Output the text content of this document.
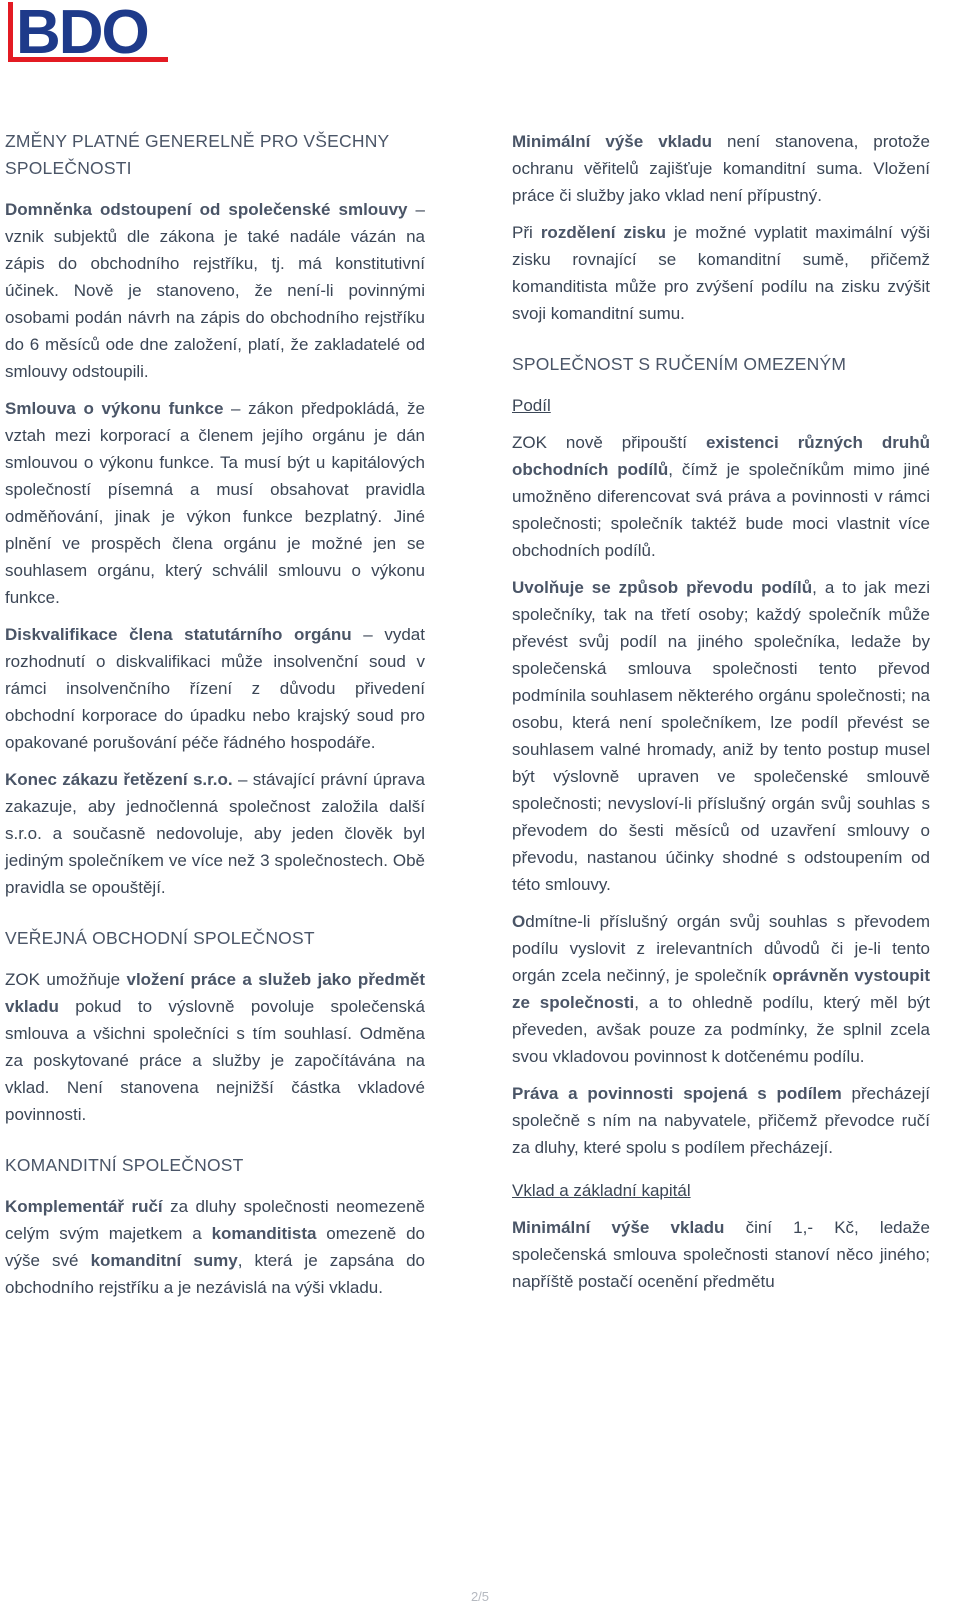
BDO
ZMĚNY PLATNÉ GENERELNĚ PRO VŠECHNY SPOLEČNOSTI
Domněnka odstoupení od společenské smlouvy – vznik subjektů dle zákona je také nadále vázán na zápis do obchodního rejstříku, tj. má konstitutivní účinek. Nově je stanoveno, že není-li povinnými osobami podán návrh na zápis do obchodního rejstříku do 6 měsíců ode dne založení, platí, že zakladatelé od smlouvy odstoupili.
Smlouva o výkonu funkce – zákon předpokládá, že vztah mezi korporací a členem jejího orgánu je dán smlouvou o výkonu funkce. Ta musí být u kapitálových společností písemná a musí obsahovat pravidla odměňování, jinak je výkon funkce bezplatný. Jiné plnění ve prospěch člena orgánu je možné jen se souhlasem orgánu, který schválil smlouvu o výkonu funkce.
Diskvalifikace člena statutárního orgánu – vydat rozhodnutí o diskvalifikaci může insolvenční soud v rámci insolvenčního řízení z důvodu přivedení obchodní korporace do úpadku nebo krajský soud pro opakované porušování péče řádného hospodáře.
Konec zákazu řetězení s.r.o. – stávající právní úprava zakazuje, aby jednočlenná společnost založila další s.r.o. a současně nedovoluje, aby jeden člověk byl jediným společníkem ve více než 3 společnostech. Obě pravidla se opouštějí.
VEŘEJNÁ OBCHODNÍ SPOLEČNOST
ZOK umožňuje vložení práce a služeb jako předmět vkladu pokud to výslovně povoluje společenská smlouva a všichni společníci s tím souhlasí. Odměna za poskytované práce a služby je započítávána na vklad. Není stanovena nejnižší částka vkladové povinnosti.
KOMANDITNÍ SPOLEČNOST
Komplementář ručí za dluhy společnosti neomezeně celým svým majetkem a komanditista omezeně do výše své komanditní sumy, která je zapsána do obchodního rejstříku a je nezávislá na výši vkladu.
Minimální výše vkladu není stanovena, protože ochranu věřitelů zajišťuje komanditní suma. Vložení práce či služby jako vklad není přípustný.
Při rozdělení zisku je možné vyplatit maximální výši zisku rovnající se komanditní sumě, přičemž komanditista může pro zvýšení podílu na zisku zvýšit svoji komanditní sumu.
SPOLEČNOST S RUČENÍM OMEZENÝM
Podíl
ZOK nově připouští existenci různých druhů obchodních podílů, čímž je společníkům mimo jiné umožněno diferencovat svá práva a povinnosti v rámci společnosti; společník taktéž bude moci vlastnit více obchodních podílů.
Uvolňuje se způsob převodu podílů, a to jak mezi společníky, tak na třetí osoby; každý společník může převést svůj podíl na jiného společníka, ledaže by společenská smlouva společnosti tento převod podmínila souhlasem některého orgánu společnosti; na osobu, která není společníkem, lze podíl převést se souhlasem valné hromady, aniž by tento postup musel být výslovně upraven ve společenské smlouvě společnosti; nevysloví-li příslušný orgán svůj souhlas s převodem do šesti měsíců od uzavření smlouvy o převodu, nastanou účinky shodné s odstoupením od této smlouvy.
Odmítne-li příslušný orgán svůj souhlas s převodem podílu vyslovit z irelevantních důvodů či je-li tento orgán zcela nečinný, je společník oprávněn vystoupit ze společnosti, a to ohledně podílu, který měl být převeden, avšak pouze za podmínky, že splnil zcela svou vkladovou povinnost k dotčenému podílu.
Práva a povinnosti spojená s podílem přecházejí společně s ním na nabyvatele, přičemž převodce ručí za dluhy, které spolu s podílem přecházejí.
Vklad a základní kapitál
Minimální výše vkladu činí 1,- Kč, ledaže společenská smlouva společnosti stanoví něco jiného; napříště postačí ocenění předmětu
2/5
